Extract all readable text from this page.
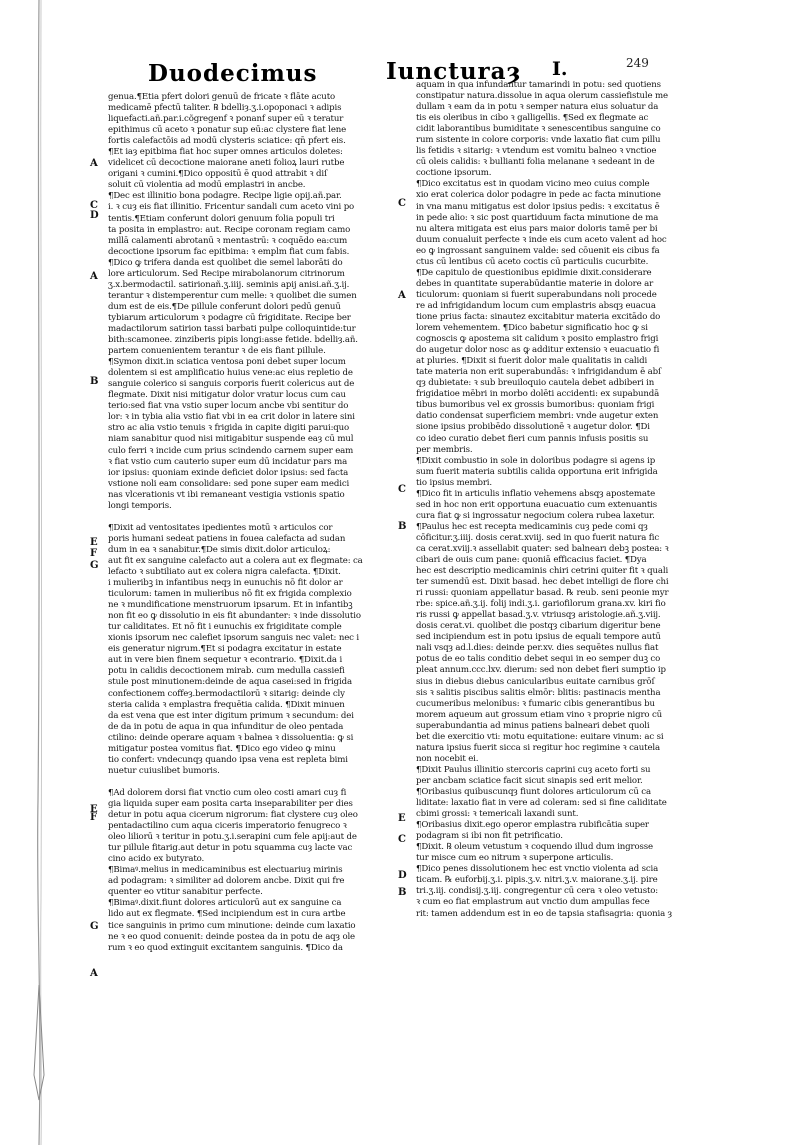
Duodecimus	Iuncturaȝ I.	249
genua.¶Etia pfert dolori genuū de fricate ꝛ flāte acuto
medicamē pfectū taliter. ℞ bdelliȝ.ʒ.i.opoponaci ꝛ adipis
liquefacti.añ.par.i.cõgregenf ꝛ ponanf super eū ꝛ teratur
epithimus cū aceto ꝛ ponatur sup eū:ac clystere fiat lene
fortis calefactōis ad modū clysteris sciatice: qn̄ pfert eis.
¶Et iaȝ epitbima fiat hoc super omnes articulos doletes:
videlicet cū decoctione maiorane aneti folioꝝ lauri rutbe
origani ꝛ cumini.¶Dico oppositū ē quod attrabit ꝛ diſ
soluit cū violentia ad modū emplastri in ancbe.
¶Dec est illinitio bona podagre. Recipe ligie opij.añ.par.
i. ꝛ cuȝ eis fiat illinitio. Fricentur sandali cum aceto vini po
tentis.¶Etiam conferunt dolori genuum folia populi tri
ta posita in emplastro: aut. Recipe coronam regiam camo
millā calamenti abrotanū ꝛ mentastrū: ꝛ coquēdo ea:cum
decoctione ipsorum fac epitbima: ꝛ emplm fiat cum fabis.
¶Dico ꝙ trifera danda est quolibet die semel laborāti do
lore articulorum. Sed Recipe mirabolanorum citrinorum
ʒ.x.bermodactil. satirionañ.ʒ.iiij. seminis apij anisi.añ.ʒ.ij.
terantur ꝛ distemperentur cum melle: ꝛ quolibet die sumen
dum est de eis.¶De pillule conferunt dolori pedū genuū
tybiarum articulorum ꝛ podagre cū frigiditate. Recipe ber
madactilorum satirion tassi barbati pulpe colloquintide:tur
bith:scamonee. zinziberis pipis longi:asse fetide. bdelliȝ.añ.
partem conuenientem terantur ꝛ de eis fiant pillule.
¶Symon dixit.in sciatica ventosa poni debet super locum
dolentem si est amplificatio huius vene:ac eius repletio de
sanguie colerico si sanguis corporis fuerit colericus aut de
flegmate. Dixit nisi mitigatur dolor vratur locus cum cau
terio:sed fiat vna vstio super locum ancbe vbi sentitur do
lor: ꝛ in tybia alia vstio fiat vbi in ea crit dolor in latere sini
stro ac alia vstio tenuis ꝛ frigida in capite digiti parui:quo
niam sanabitur quod nisi mitigabitur suspende eaȝ cū mul
culo ferri ꝛ incide cum prius scindendo carnem super eam
ꝛ fiat vstio cum cauterio super eum dū incidatur pars ma
ior ipsius: quoniam exinde deficiet dolor ipsius: sed facta
vstione noli eam consolidare: sed pone super eam medici
nas vlcerationis vt ibi remaneant vestigia vstionis spatio
longi temporis.
¶Dixit ad ventositates ipedientes motū ꝛ articulos cor
poris humani sedeat patiens in fouea calefacta ad sudan
dum in ea ꝛ sanabitur.¶De simis dixit.dolor articuloꝝ:
aut fit ex sanguine calefacto aut a colera aut ex flegmate: ca
lefacto ꝛ subtiliato aut ex colera nigra calefacta. ¶Dixit.
i mulieribꝫ in infantibus neqȝ in eunuchis nō fit dolor ar
ticulorum: tamen in mulieribus nō fit ex frigida complexio
ne ꝛ mundificatione menstruorum ipsarum. Et in infantibꝫ
non fit eo ꝙ dissolutio in eis fit abundanter: ꝛ inde dissolutio
tur caliditates. Et nō fit i eunuchis ex frigiditate comple
xionis ipsorum nec calefiet ipsorum sanguis nec valet: nec i
eis generatur nigrum.¶Et si podagra excitatur in estate
aut in vere bien finem sequetur ꝛ econtrario. ¶Dixit.da i
potu in calidis decoctionem mirab. cum medulla cassiefi
stule post minutionem:deinde de aqua casei:sed in frigida
confectionem coffeȝ.bermodactilorū ꝛ sitarig: deinde cly
steria calida ꝛ emplastra frequētia calida. ¶Dixit minuen
da est vena que est inter digitum primum ꝛ secundum: dei
de da in potu de aqua in qua infunditur de oleo pentada
ctilino: deinde operare aquam ꝛ balnea ꝛ dissoluentia: ꝙ si
mitigatur postea vomitus fiat. ¶Dico ego video ꝙ minu
tio confert: vndecunqȝ quando ipsa vena est repleta bimi
nuetur cuiuslibet bumoris.
¶Ad dolorem dorsi fiat vnctio cum oleo costi amari cuȝ fi
gia liquida super eam posita carta inseparabiliter per dies
detur in potu aqua cicerum nigrorum: fiat clystere cuȝ oleo
pentadactilino cum aqua ciceris imperatorio fenugreco ꝛ
oleo liliorū ꝛ teritur in potu.ʒ.i.serapini cum fele apij:aut de
tur pillule fitarig.aut detur in potu squamma cuȝ lacte vac
cino acido ex butyrato.
¶Bimaꝰ.melius in medicaminibus est electuariuȝ mirinis
ad podagram: ꝛ similiter ad dolorem ancbe. Dixit qui fre
quenter eo vtitur sanabitur perfecte.
¶Bimaꝰ.dixit.fiunt dolores articulorū aut ex sanguine ca
lido aut ex flegmate. ¶Sed incipiendum est in cura artbe
tice sanguinis in primo cum minutione: deinde cum laxatio
ne ꝛ eo quod conuenit: deinde postea da in potu de aqȝ ole
rum ꝛ eo quod extinguit excitantem sanguinis. ¶Dico da
aquam in qua infundantur tamarindi in potu: sed quotiens
constipatur natura.dissolue in aqua olerum cassiefistule me
dullam ꝛ eam da in potu ꝛ semper natura eius soluatur da
tis eis oleribus in cibo ꝛ galligellis. ¶Sed ex flegmate ac
cidit laborantibus bumiditate ꝛ senescentibus sanguine co
rum sistente in colore corporis: vnde laxatio fiat cum pillu
lis fetidis ꝛ sitarig: ꝛ vtendum est vomitu balneo ꝛ vnctioe
cū oleis calidis: ꝛ bullianti folia melanane ꝛ sedeant in de
coctione ipsorum.
¶Dico excitatus est in quodam vicino meo cuius comple
xio erat colerica dolor podagre in pede ac facta minutione
in vna manu mitigatus est dolor ipsius pedis: ꝛ excitatus ē
in pede alio: ꝛ sic post quartiduum facta minutione de ma
nu altera mitigata est eius pars maior doloris tamē per bi
duum conualuit perfecte ꝛ inde eis cum aceto valent ad hoc
eo ꝙ ingrossant sanguinem valde: sed cōuenit eis cibus fa
ctus cū lentibus cū aceto coctis cū particulis cucurbite.
¶De capitulo de questionibus epidimie dixit.considerare
debes in quantitate superabūdantie materie in dolore ar
ticulorum: quoniam si fuerit superabundans noli procede
re ad infrigidandum locum cum emplastris absqȝ euacua
tione prius facta: sinautez excitabitur materia excitādo do
lorem vehementem. ¶Dico babetur significatio hoc ꝙ si
cognoscis ꝙ apostema sit calidum ꝛ posito emplastro frigi
do augetur dolor nosc as ꝙ additur extensio ꝛ euacuatio fi
at pluries. ¶Dixit si fuerit dolor male qualitatis in calidi
tate materia non erit superabundās: ꝛ infrigidandum ē abſ
qȝ dubietate: ꝛ sub breuiloquio cautela debet adbiberi in
frigidatioe mēbri in morbo dolēti accidenti: ex supabundā
tibus bumoribus vel ex grossis bumoribus: quoniam frigi
datio condensat superficiem membri: vnde augetur exten
sione ipsius probibēdo dissolutionē ꝛ augetur dolor. ¶Di
co ideo curatio debet fieri cum pannis infusis positis su
per membris.
¶Dixit combustio in sole in doloribus podagre si agens ip
sum fuerit materia subtilis calida opportuna erit infrigida
tio ipsius membri.
¶Dico fit in articulis inflatio vehemens absqȝ apostemate
sed in hoc non erit opportuna euacuatio cum extenuantis
cura fiat ꝙ si ingrossatur negocium colera rubea laxetur.
¶Paulus hec est recepta medicaminis cuȝ pede comi qȝ
cōficitur.ʒ.iiij. dosis cerat.xviij. sed in quo fuerit natura fic
ca cerat.xviij.ꝛ assellabit quater: sed balnearı debꝫ postea: ꝛ
cibari de ouis cum pane: quoniā efficacius faciet. ¶Dya
hec est descriptio medicaminis chiri cetrini quiter fit ꝛ quali
ter sumendū est. Dixit basad. hec debet intelligi de flore chi
ri russi: quoniam appellatur basad. ℞ reub. seni peonie myr
rbe: spice.añ.ʒ.ij. folij indi.ʒ.i. gariofilorum grana.xv. kiri fio
ris russi ꝙ appellat basad.ʒ.v. vtriusqȝ aristologie.añ.ʒ.viij.
dosis cerat.vi. quolibet die postqȝ cibarium digeritur bene
sed incipiendum est in potu ipsius de equali tempore autū
nali vsqȝ ad.l.dies: deinde per.xv. dies sequētes nullus fiat
potus de eo talis conditio debet sequi in eo semper duꝫ co
pleat annum.ccc.lxv. dierum: sed non debet fieri sumptio ip
sius in diebus diebus canicularibus euitate carnibus grōſ
sis ꝛ salitis piscibus salitis elmōr: blitis: pastinacis mentha
cucumeribus melonibus: ꝛ fumaric cibis generantibus bu
morem aqueum aut grossum etiam vino ꝛ proprie nigro cū
superabundantia ad minus patiens balneari debet quoli
bet die exercitio vti: motu equitatione: euitare vinum: ac si
natura ipsius fuerit sicca si regitur hoc regimine ꝛ cautela
non nocebit ei.
¶Dixit Paulus illinitio stercoris caprini cuȝ aceto forti su
per ancbam sciatice facit sicut sinapis sed erit melior.
¶Oribasius quibuscunqȝ fiunt dolores articulorum cū ca
liditate: laxatio fiat in vere ad coleram: sed si fine caliditate
cbimi grossi: ꝛ temericali laxandi sunt.
¶Oribasius dixit.ego operor emplastra rubificātia super
podagram si ibi non fit petrificatio.
¶Dixit. ℞ oleum vetustum ꝛ coquendo illud dum ingrosse
tur misce cum eo nitrum ꝛ superpone articulis.
¶Dico penes dissolutionem hec est vnctio violenta ad scia
ticam. ℞ euforbij.ʒ.i. pipis.ʒ.v. nitri.ʒ.v. maiorane.ʒ.ij. pire
tri.ʒ.iij. condisij.ʒ.iij. congregentur cū cera ꝛ oleo vetusto:
ꝛ cum eo fiat emplastrum aut vnctio dum ampullas fece
rit: tamen addendum est in eo de tapsia stafisagria: quonia ȝ
A
C
D
A
B
E
F
G
E
F
G
A
C
A
C
B
E
C
D
B
